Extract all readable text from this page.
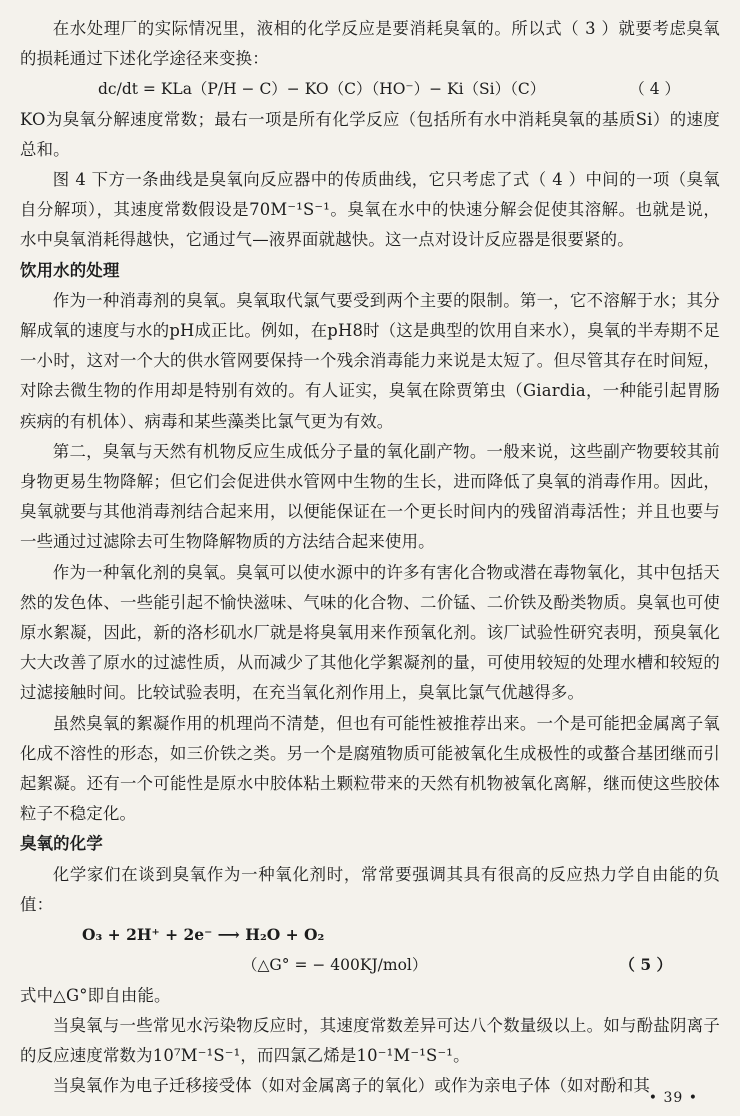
在水处理厂的实际情况里，液相的化学反应是要消耗臭氧的。所以式（ 3 ）就要考虑臭氧的损耗通过下述化学途径来变换：

dc/dt = KLa（P/H − C）− KO（C）（HO⁻）− Ki（Si）（C）	（ 4 ）

KO为臭氧分解速度常数；最右一项是所有化学反应（包括所有水中消耗臭氧的基质Si）的速度总和。

图 4 下方一条曲线是臭氧向反应器中的传质曲线，它只考虑了式（ 4 ）中间的一项（臭氧自分解项），其速度常数假设是70M⁻¹S⁻¹。臭氧在水中的快速分解会促使其溶解。也就是说，水中臭氧消耗得越快，它通过气—液界面就越快。这一点对设计反应器是很要紧的。

饮用水的处理

作为一种消毒剂的臭氧。臭氧取代氯气要受到两个主要的限制。第一，它不溶解于水；其分解成氧的速度与水的pH成正比。例如，在pH8时（这是典型的饮用自来水），臭氧的半寿期不足一小时，这对一个大的供水管网要保持一个残余消毒能力来说是太短了。但尽管其存在时间短，对除去微生物的作用却是特别有效的。有人证实，臭氧在除贾第虫（Giardia，一种能引起胃肠疾病的有机体）、病毒和某些藻类比氯气更为有效。

第二，臭氧与天然有机物反应生成低分子量的氧化副产物。一般来说，这些副产物要较其前身物更易生物降解；但它们会促进供水管网中生物的生长，进而降低了臭氧的消毒作用。因此，臭氧就要与其他消毒剂结合起来用，以便能保证在一个更长时间内的残留消毒活性；并且也要与一些通过过滤除去可生物降解物质的方法结合起来使用。

作为一种氧化剂的臭氧。臭氧可以使水源中的许多有害化合物或潜在毒物氧化，其中包括天然的发色体、一些能引起不愉快滋味、气味的化合物、二价锰、二价铁及酚类物质。臭氧也可使原水絮凝，因此，新的洛杉矶水厂就是将臭氧用来作预氧化剂。该厂试验性研究表明，预臭氧化大大改善了原水的过滤性质，从而减少了其他化学絮凝剂的量，可使用较短的处理水槽和较短的过滤接触时间。比较试验表明，在充当氧化剂作用上，臭氧比氯气优越得多。

虽然臭氧的絮凝作用的机理尚不清楚，但也有可能性被推荐出来。一个是可能把金属离子氧化成不溶性的形态，如三价铁之类。另一个是腐殖物质可能被氧化生成极性的或螯合基团继而引起絮凝。还有一个可能性是原水中胶体粘土颗粒带来的天然有机物被氧化离解，继而使这些胶体粒子不稳定化。

臭氧的化学

化学家们在谈到臭氧作为一种氧化剂时，常常要强调其具有很高的反应热力学自由能的负值：

O₃ + 2H⁺ + 2e⁻ ⟶ H₂O + O₂
（△G° = − 400KJ/mol）	（ 5 ）

式中△G°即自由能。

当臭氧与一些常见水污染物反应时，其速度常数差异可达八个数量级以上。如与酚盐阴离子的反应速度常数为10⁷M⁻¹S⁻¹，而四氯乙烯是10⁻¹M⁻¹S⁻¹。

当臭氧作为电子迁移接受体（如对金属离子的氧化）或作为亲电子体（如对酚和其

• 39 •
